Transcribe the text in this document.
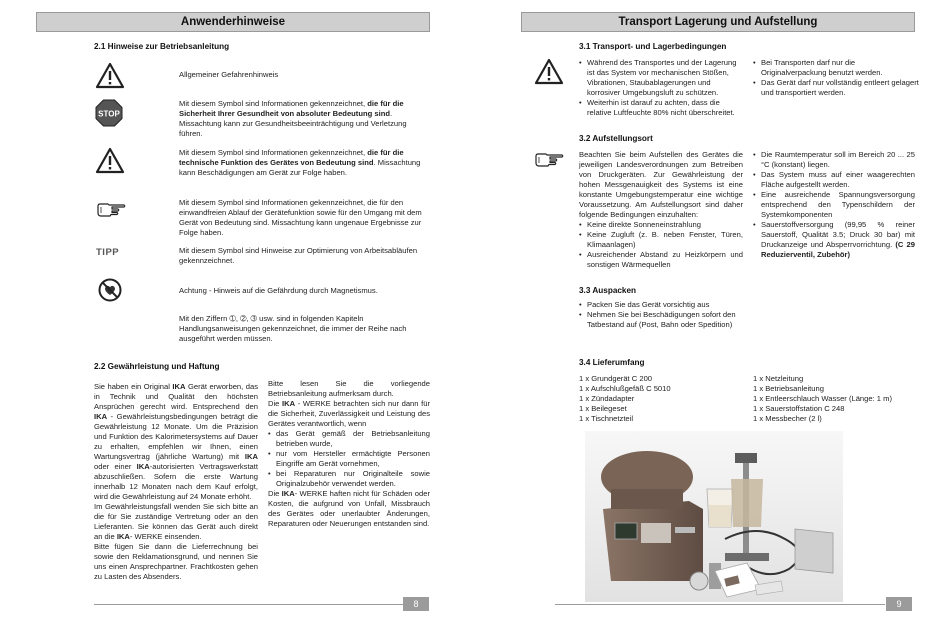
Anwenderhinweise
2.1 Hinweise zur Betriebsanleitung
Allgemeiner Gefahrenhinweis
STOP
Mit diesem Symbol sind Informationen gekennzeichnet, die für die Sicherheit Ihrer Gesundheit von absoluter Bedeutung sind. Missachtung kann zur Gesundheitsbeeinträchtigung und Verletzung führen.
Mit diesem Symbol sind Informationen gekennzeichnet, die für die technische Funktion des Gerätes von Bedeutung sind. Missachtung kann Beschädigungen am Gerät zur Folge haben.
Mit diesem Symbol sind Informationen gekennzeichnet, die für den einwandfreien Ablauf der Gerätefunktion sowie für den Umgang mit dem Gerät von Bedeutung sind. Missachtung kann ungenaue Ergebnisse zur Folge haben.
TIPP	Mit diesem Symbol sind Hinweise zur Optimierung von Arbeitsabläufen gekennzeichnet.
Achtung - Hinweis auf die Gefährdung durch Magnetismus.
Mit den Ziffern ➀, ➁, ➂ usw. sind in folgenden Kapiteln Handlungsanweisungen gekennzeichnet, die immer der Reihe nach ausgeführt werden müssen.
2.2 Gewährleistung und Haftung
Sie haben ein Original IKA Gerät erworben, das in Technik und Qualität den höchsten Ansprüchen gerecht wird. Entsprechend den IKA - Gewährleistungsbedingungen beträgt die Gewährleistung 12 Monate. Um die Präzision und Funktion des Kalorimetersystems auf Dauer zu erhalten, empfehlen wir Ihnen, einen Wartungsvertrag (jährliche Wartung) mit IKA oder einer IKA-autorisierten Vertragswerkstatt abzuschließen. Sofern die erste Wartung innerhalb 12 Monaten nach dem Kauf erfolgt, wird die Gewährleistung auf 24 Monate erhöht.
Im Gewährleistungsfall wenden Sie sich bitte an die für Sie zuständige Vertretung oder an den Lieferanten. Sie können das Gerät auch direkt an die IKA- WERKE einsenden.
Bitte fügen Sie dann die Lieferrechnung bei sowie den Reklamationsgrund, und nennen Sie uns einen Ansprechpartner. Frachtkosten gehen zu Lasten des Absenders.
Bitte lesen Sie die vorliegende Betriebsanleitung aufmerksam durch.
Die IKA - WERKE betrachten sich nur dann für die Sicherheit, Zuverlässigkeit und Leistung des Gerätes verantwortlich, wenn
• das Gerät gemäß der Betriebsanleitung betrieben wurde,
• nur vom Hersteller ermächtigte Personen Eingriffe am Gerät vornehmen,
• bei Reparaturen nur Originalteile sowie Originalzubehör verwendet werden.
Die IKA- WERKE haften nicht für Schäden oder Kosten, die aufgrund von Unfall, Missbrauch des Gerätes oder unerlaubter Änderungen, Reparaturen oder Neuerungen entstanden sind.
8
Transport Lagerung und Aufstellung
3.1 Transport- und Lagerbedingungen
• Während des Transportes und der Lagerung ist das System vor mechanischen Stößen, Vibrationen, Staubablagerungen und korrosiver Umgebungsluft zu schützen.
• Weiterhin ist darauf zu achten, dass die relative Luftfeuchte 80% nicht überschreitet.
• Bei Transporten darf nur die Originalverpackung benutzt werden.
• Das Gerät darf nur vollständig entleert gelagert und transportiert werden.
3.2 Aufstellungsort
Beachten Sie beim Aufstellen des Gerätes die jeweiligen Landesverordnungen zum Betreiben von Druckgeräten. Zur Gewährleistung der hohen Messgenauigkeit des Systems ist eine konstante Umgebungstemperatur eine wichtige Voraussetzung. Am Aufstellungsort sind daher folgende Bedingungen einzuhalten:
• Keine direkte Sonneneinstrahlung
• Keine Zugluft (z. B. neben Fenster, Türen, Klimaanlagen)
• Ausreichender Abstand zu Heizkörpern und sonstigen Wärmequellen
• Die Raumtemperatur soll im Bereich 20 ... 25 °C (konstant) liegen.
• Das System muss auf einer waagerechten Fläche aufgestellt werden.
• Eine ausreichende Spannungsversorgung entsprechend den Typenschildern der Systemkomponenten
• Sauerstoffversorgung (99,95 % reiner Sauerstoff, Qualität 3.5; Druck 30 bar) mit Druckanzeige und Absperrvorrichtung. (C 29 Reduzierventil, Zubehör)
3.3 Auspacken
• Packen Sie das Gerät vorsichtig aus
• Nehmen Sie bei Beschädigungen sofort den Tatbestand auf (Post, Bahn oder Spedition)
3.4 Lieferumfang
1 x Grundgerät C 200
1 x Aufschlußgefäß C 5010
1 x Zündadapter
1 x Beilegeset
1 x Tischnetzteil
1 x Netzleitung
1 x Betriebsanleitung
1 x Entleerschlauch Wasser (Länge: 1 m)
1 x Sauerstoffstation C 248
1 x Messbecher (2 l)
9
